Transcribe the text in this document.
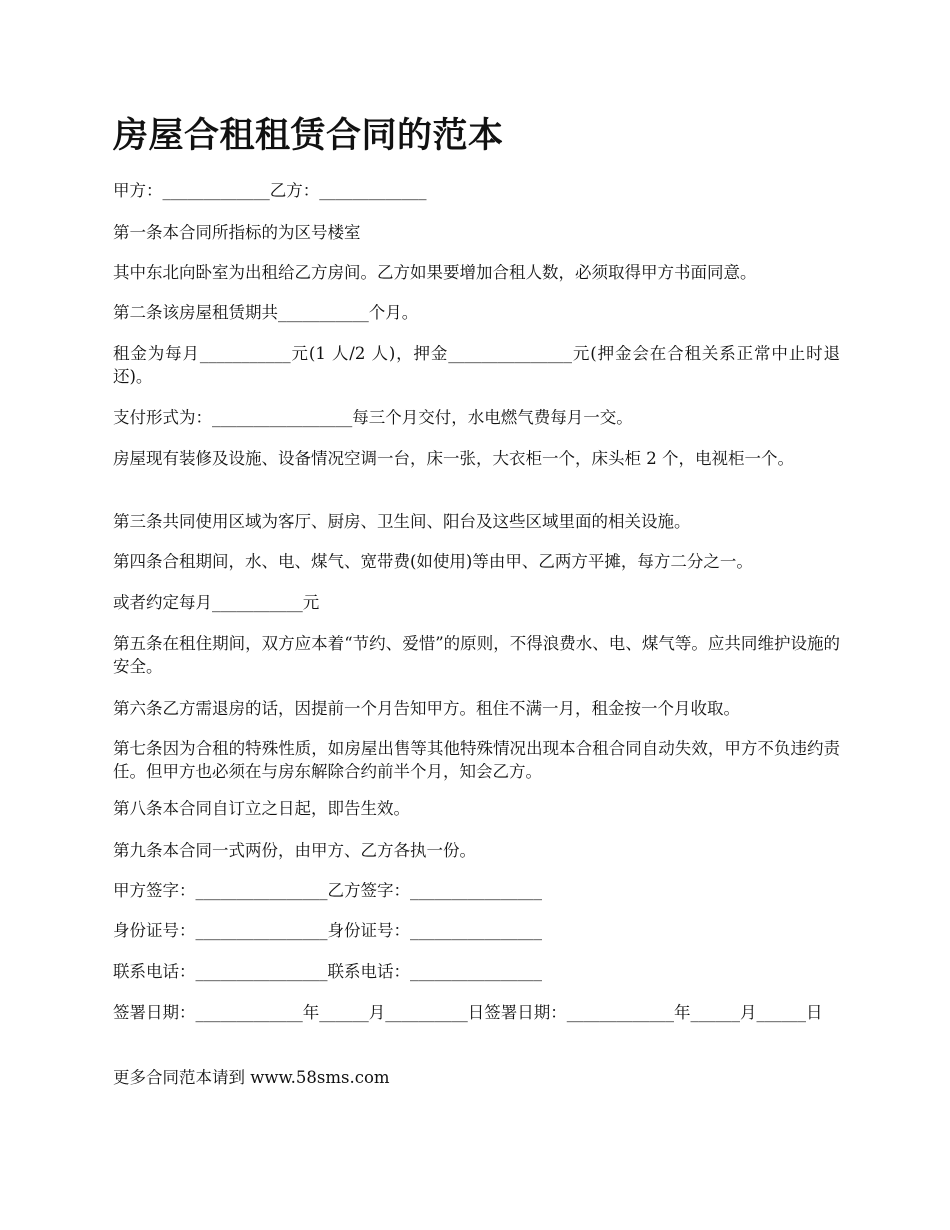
房屋合租租赁合同的范本

甲方：_____________乙方：_____________

第一条本合同所指标的为区号楼室

其中东北向卧室为出租给乙方房间。乙方如果要增加合租人数，必须取得甲方书面同意。

第二条该房屋租赁期共___________个月。

租金为每月___________元(1 人/2 人)，押金_______________元(押金会在合租关系正常中止时退还)。

支付形式为：_________________每三个月交付，水电燃气费每月一交。

房屋现有装修及设施、设备情况空调一台，床一张，大衣柜一个，床头柜 2 个，电视柜一个。

第三条共同使用区域为客厅、厨房、卫生间、阳台及这些区域里面的相关设施。

第四条合租期间，水、电、煤气、宽带费(如使用)等由甲、乙两方平摊，每方二分之一。

或者约定每月___________元

第五条在租住期间，双方应本着“节约、爱惜”的原则，不得浪费水、电、煤气等。应共同维护设施的安全。

第六条乙方需退房的话，因提前一个月告知甲方。租住不满一月，租金按一个月收取。

第七条因为合租的特殊性质，如房屋出售等其他特殊情况出现本合租合同自动失效，甲方不负违约责任。但甲方也必须在与房东解除合约前半个月，知会乙方。

第八条本合同自订立之日起，即告生效。

第九条本合同一式两份，由甲方、乙方各执一份。

甲方签字：________________乙方签字：________________

身份证号：________________身份证号：________________

联系电话：________________联系电话：________________

签署日期：_____________年______月__________日签署日期：_____________年______月______日

更多合同范本请到 www.58sms.com
